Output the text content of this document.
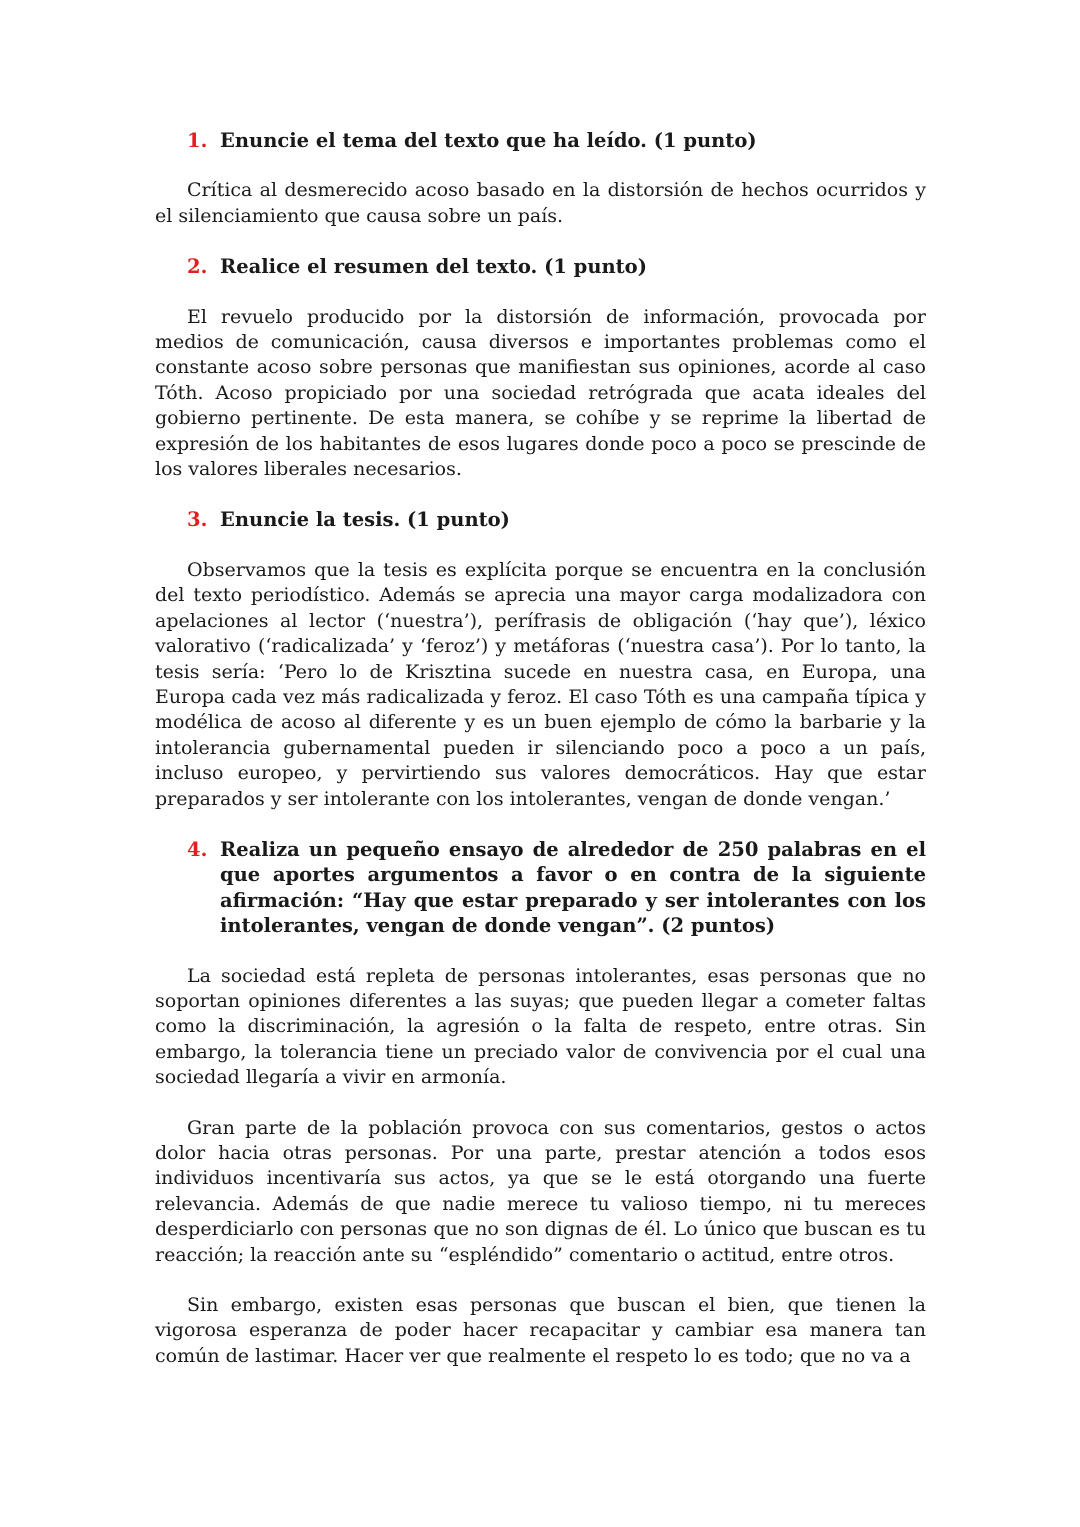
1. Enuncie el tema del texto que ha leído. (1 punto)

Crítica al desmerecido acoso basado en la distorsión de hechos ocurridos y el silenciamiento que causa sobre un país.

2. Realice el resumen del texto. (1 punto)

El revuelo producido por la distorsión de información, provocada por medios de comunicación, causa diversos e importantes problemas como el constante acoso sobre personas que manifiestan sus opiniones, acorde al caso Tóth. Acoso propiciado por una sociedad retrógrada que acata ideales del gobierno pertinente. De esta manera, se cohíbe y se reprime la libertad de expresión de los habitantes de esos lugares donde poco a poco se prescinde de los valores liberales necesarios.

3. Enuncie la tesis. (1 punto)

Observamos que la tesis es explícita porque se encuentra en la conclusión del texto periodístico. Además se aprecia una mayor carga modalizadora con apelaciones al lector (‘nuestra’), perífrasis de obligación (‘hay que’), léxico valorativo (‘radicalizada’ y ‘feroz’) y metáforas (‘nuestra casa’). Por lo tanto, la tesis sería: ‘Pero lo de Krisztina sucede en nuestra casa, en Europa, una Europa cada vez más radicalizada y feroz. El caso Tóth es una campaña típica y modélica de acoso al diferente y es un buen ejemplo de cómo la barbarie y la intolerancia gubernamental pueden ir silenciando poco a poco a un país, incluso europeo, y pervirtiendo sus valores democráticos. Hay que estar preparados y ser intolerante con los intolerantes, vengan de donde vengan.’

4. Realiza un pequeño ensayo de alrededor de 250 palabras en el que aportes argumentos a favor o en contra de la siguiente afirmación: “Hay que estar preparado y ser intolerantes con los intolerantes, vengan de donde vengan”. (2 puntos)

La sociedad está repleta de personas intolerantes, esas personas que no soportan opiniones diferentes a las suyas; que pueden llegar a cometer faltas como la discriminación, la agresión o la falta de respeto, entre otras. Sin embargo, la tolerancia tiene un preciado valor de convivencia por el cual una sociedad llegaría a vivir en armonía.

Gran parte de la población provoca con sus comentarios, gestos o actos dolor hacia otras personas. Por una parte, prestar atención a todos esos individuos incentivaría sus actos, ya que se le está otorgando una fuerte relevancia. Además de que nadie merece tu valioso tiempo, ni tu mereces desperdiciarlo con personas que no son dignas de él. Lo único que buscan es tu reacción; la reacción ante su “espléndido” comentario o actitud, entre otros.

Sin embargo, existen esas personas que buscan el bien, que tienen la vigorosa esperanza de poder hacer recapacitar y cambiar esa manera tan común de lastimar. Hacer ver que realmente el respeto lo es todo; que no va a
